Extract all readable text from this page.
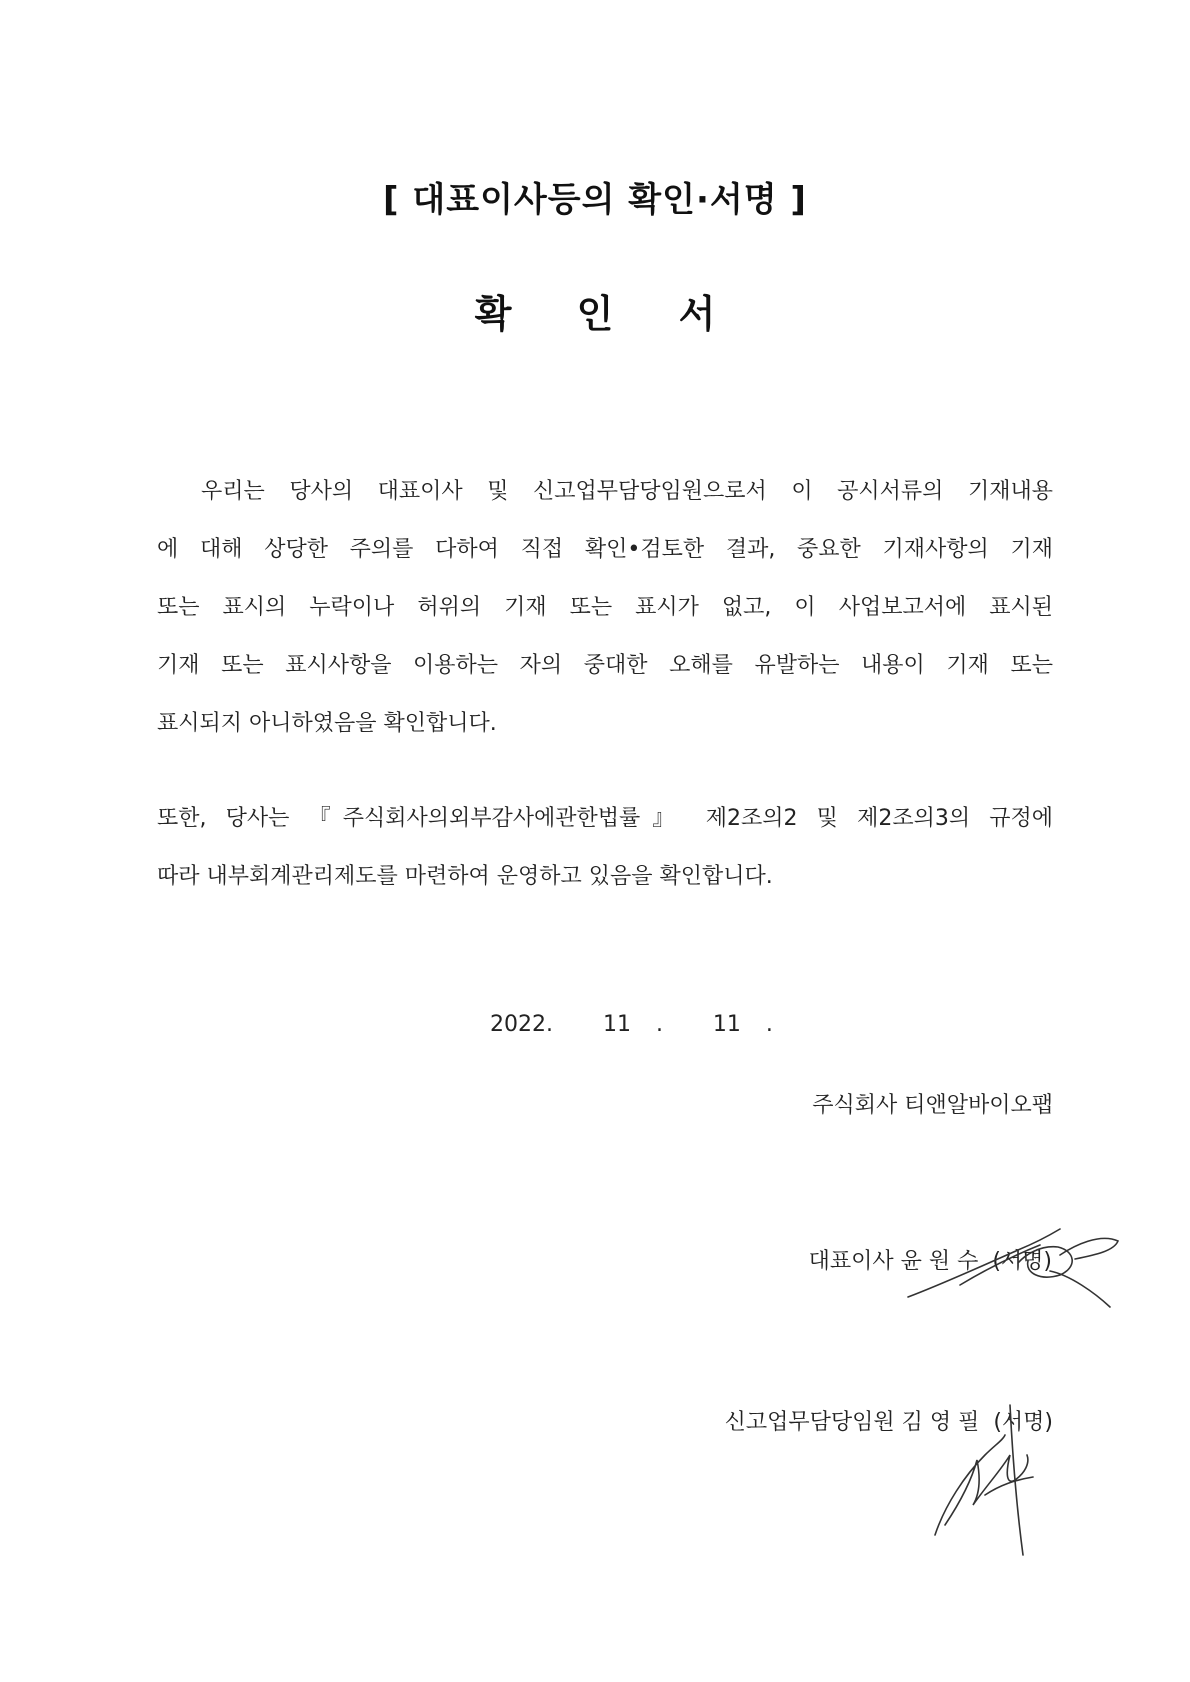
[ 대표이사등의 확인·서명 ]
확 인 서
우리는 당사의 대표이사 및 신고업무담당임원으로서 이 공시서류의 기재내용
에 대해 상당한 주의를 다하여 직접 확인•검토한 결과, 중요한 기재사항의 기재
또는 표시의 누락이나 허위의 기재 또는 표시가 없고, 이 사업보고서에 표시된
기재 또는 표시사항을 이용하는 자의 중대한 오해를 유발하는 내용이 기재 또는
표시되지 아니하였음을 확인합니다.
또한, 당사는 『주식회사의외부감사에관한법률』 제2조의2 및 제2조의3의 규정에
따라 내부회계관리제도를 마련하여 운영하고 있음을 확인합니다.
2022.  11 .  11 .
주식회사 티앤알바이오팹
대표이사 윤 원 수 (서명)
신고업무담당임원 김 영 필 (서명)
